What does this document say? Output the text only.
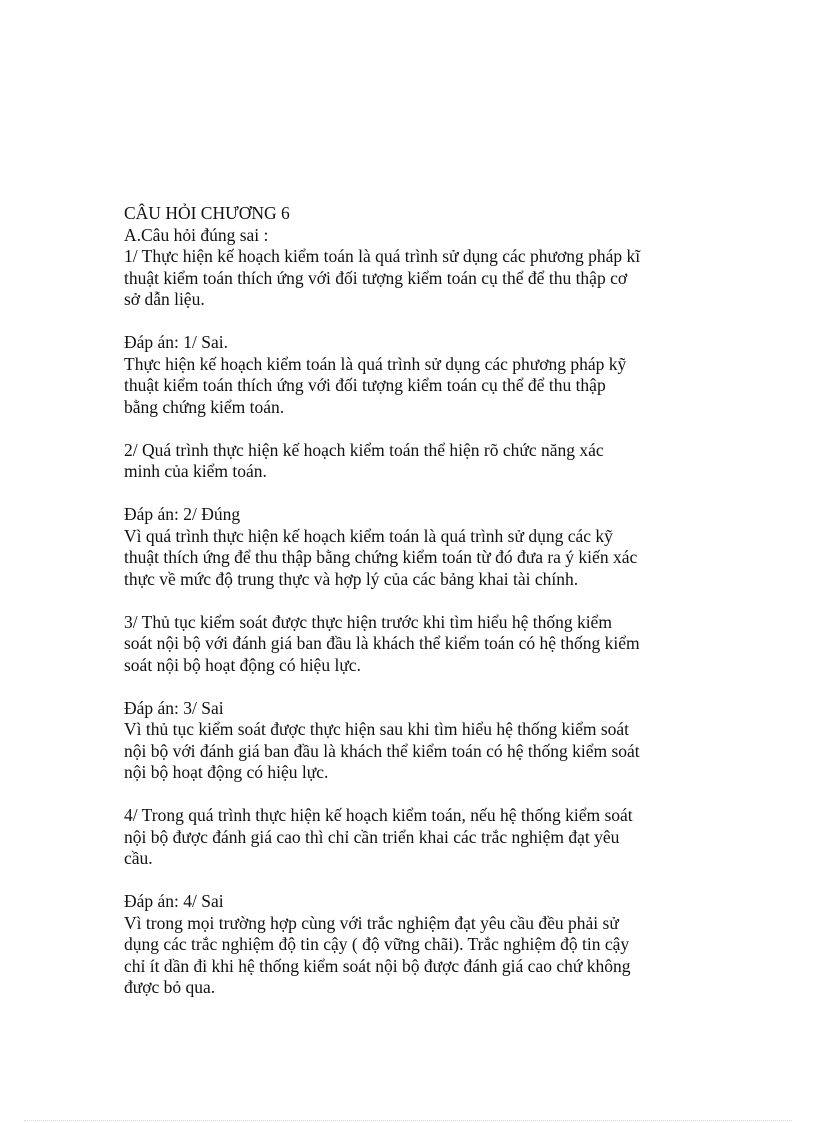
CÂU HỎI CHƯƠNG 6
A.Câu hỏi đúng sai :
1/ Thực hiện kế hoạch kiểm toán là quá trình sử dụng các phương pháp kĩ
thuật kiểm toán thích ứng với đối tượng kiểm toán cụ thể để thu thập cơ
sở dẫn liệu.
Đáp án: 1/ Sai.
Thực hiện kế hoạch kiểm toán là quá trình sử dụng các phương pháp kỹ
thuật kiểm toán thích ứng với đối tượng kiểm toán cụ thể để thu thập
bằng chứng kiểm toán.
2/ Quá trình thực hiện kế hoạch kiểm toán thể hiện rõ chức năng xác
minh của kiểm toán.
Đáp án: 2/ Đúng
Vì quá trình thực hiện kế hoạch kiểm toán là quá trình sử dụng các kỹ
thuật thích ứng để thu thập bằng chứng kiểm toán từ đó đưa ra ý kiến xác
thực về mức độ trung thực và hợp lý của các bảng khai tài chính.
3/ Thủ tục kiểm soát được thực hiện trước khi tìm hiểu hệ thống kiểm
soát nội bộ với đánh giá ban đầu là khách thể kiểm toán có hệ thống kiểm
soát nội bộ hoạt động có hiệu lực.
Đáp án: 3/ Sai
Vì thủ tục kiểm soát được thực hiện sau khi tìm hiểu hệ thống kiểm soát
nội bộ với đánh giá ban đầu là khách thể kiểm toán có hệ thống kiểm soát
nội bộ hoạt động có hiệu lực.
4/ Trong quá trình thực hiện kế hoạch kiểm toán, nếu hệ thống kiểm soát
nội bộ được đánh giá cao thì chỉ cần triển khai các trắc nghiệm đạt yêu
cầu.
Đáp án: 4/ Sai
Vì trong mọi trường hợp cùng với trắc nghiệm đạt yêu cầu đều phải sử
dụng các trắc nghiệm độ tin cậy ( độ vững chãi). Trắc nghiệm độ tin cậy
chỉ ít dần đi khi hệ thống kiểm soát nội bộ được đánh giá cao chứ không
được bỏ qua.
